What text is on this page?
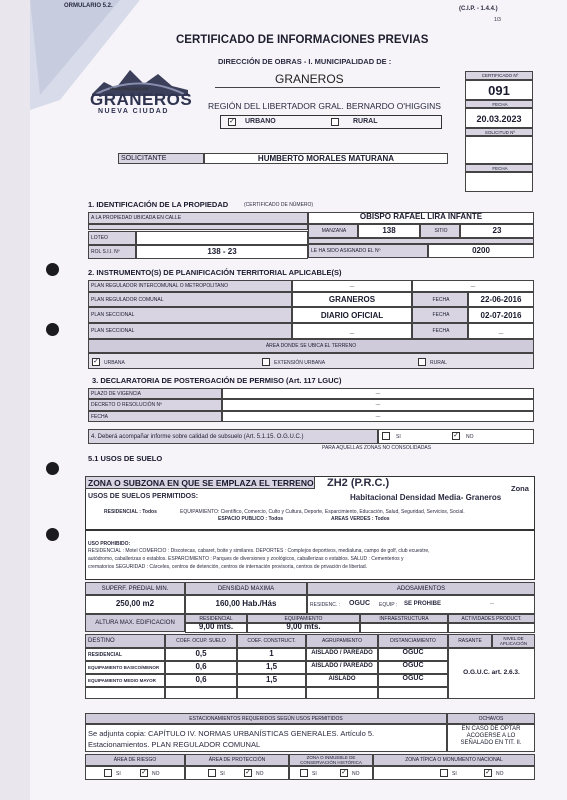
ORMULARIO 5.2.	(C.I.P. - 1.4.4.)
1/3
CERTIFICADO DE INFORMACIONES PREVIAS
DIRECCIÓN DE OBRAS - I. MUNICIPALIDAD DE :
GRANEROS
MUNICIPALIDAD DE
GRANEROS
NUEVA CIUDAD
REGIÓN DEL LIBERTADOR GRAL. BERNARDO O'HIGGINS
✓ URBANO	RURAL
CERTIFICADO Nº
091
FECHA
20.03.2023
SOLICITUD Nº
FECHA
SOLICITANTE	HUMBERTO MORALES MATURANA
1. IDENTIFICACIÓN DE LA PROPIEDAD	(CERTIFICADO DE NÚMERO)
A LA PROPIEDAD UBICADA EN CALLE	OBISPO RAFAEL LIRA INFANTE
MANZANA	138	SITIO	23
LOTEO
ROL S.I.I. Nº	138 - 23	LE HA SIDO ASIGNADO EL Nº	0200
2. INSTRUMENTO(S) DE PLANIFICACIÓN TERRITORIAL APLICABLE(S)
PLAN REGULADOR INTERCOMUNAL O METROPOLITANO	_	_
PLAN REGULADOR COMUNAL	GRANEROS	FECHA	22-06-2016
PLAN SECCIONAL	DIARIO OFICIAL	FECHA	02-07-2016
PLAN SECCIONAL	_	FECHA	_
ÁREA DONDE SE UBICA EL TERRENO
✓ URBANA	EXTENSIÓN URBANA	RURAL
3. DECLARATORIA DE POSTERGACIÓN DE PERMISO (Art. 117 LGUC)
PLAZO DE VIGENCIA	_
DECRETO O RESOLUCIÓN Nº	_
FECHA	_
4. Deberá acompañar informe sobre calidad de subsuelo (Art. 5.1.15. O.G.U.C.)	SI	✓ NO
PARA AQUELLAS ZONAS NO CONSOLIDADAS
5.1 USOS DE SUELO
ZONA O SUBZONA EN QUE SE EMPLAZA EL TERRENO ZH2 (P.R.C.)	Zona
Habitacional Densidad Media- Graneros
USOS DE SUELOS PERMITIDOS:
RESIDENCIAL : Todos	EQUIPAMIENTO: Científico, Comercio, Culto y Cultura, Deporte, Esparcimiento, Educación, Salud, Seguridad, Servicios, Social.
ESPACIO PUBLICO : Todos	AREAS VERDES : Todos
USO PROHIBIDO:
RESIDENCIAL : Motel COMERCIO : Discotecas, cabaret, boite y similares. DEPORTES : Complejos deportivos, medialuna, campo de golf, club ecuestre,
autódromo, caballerizas o establos. ESPARCIMIENTO : Parques de diversiones y zoológicos, caballerizas o establos. SALUD : Cementerios y
crematorios SEGURIDAD : Cárceles, centros de detención, centros de internación provisoria, centros de privación de libertad.
SUPERF. PREDIAL MIN.	DENSIDAD MAXIMA	ADOSAMIENTOS
250,00 m2	160,00 Hab./Hás	RESIDENC. : OGUC EQUIP : SE PROHIBE	_
ALTURA MAX. EDIFICACION
RESIDENCIAL	EQUIPAMIENTO	INFRAESTRUCTURA	ACTIVIDADES PRODUCT.
9,00 mts.	9,00 mts.
DESTINO	COEF. OCUP. SUELO	COEF. CONSTRUCT.	AGRUPAMIENTO	DISTANCIAMIENTO	RASANTE	NIVEL DE APLICACIÓN
RESIDENCIAL	0,5	1	AISLADO / PAREADO	OGUC
EQUIPAMIENTO BASICO/MENOR	0,6	1,5	AISLADO / PAREADO	OGUC
EQUIPAMIENTO MEDIO MAYOR	0,6	1,5	AISLADO	OGUC
O.G.U.C. art. 2.6.3.
ESTACIONAMIENTOS REQUERIDOS SEGÚN USOS PERMITIDOS
Se adjunta copia: CAPÍTULO IV. NORMAS URBANÍSTICAS GENERALES. Artículo 5.
Estacionamientos. PLAN REGULADOR COMUNAL
OCHAVOS
EN CASO DE OPTAR ACOGERSE A LO SEÑALADO EN TIT. II.
ÁREA DE RIESGO	ÁREA DE PROTECCIÓN	ZONA O INMUEBLE DE CONSERVACIÓN HISTÓRICA	ZONA TÍPICA O MONUMENTO NACIONAL
SI	✓ NO	SI	✓ NO	SI	✓ NO	SI	✓ NO
